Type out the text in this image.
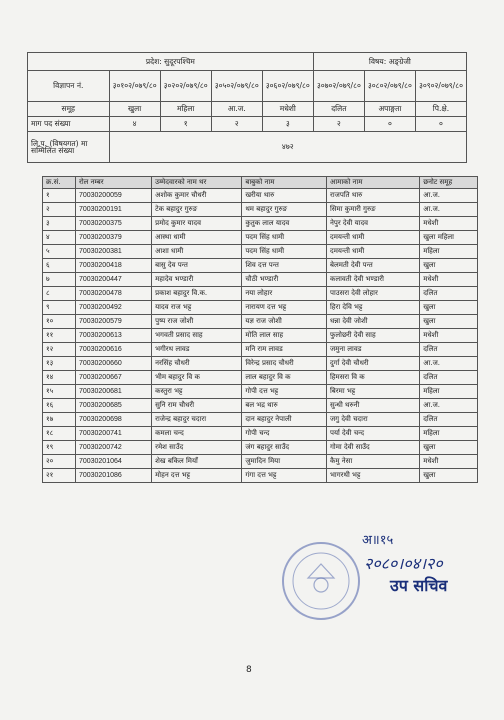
प्रदेश: सुदूरपश्चिम					विषय: अङ्ग्रेजी		
विज्ञापन नं.	३०१०२/०७९/८०	३०२०२/०७९/८०	३०५०२/०७९/८०	३०६०२/०७९/८०	३०७०२/०७९/८०	३०८०२/०७९/८०	३०९०२/०७९/८०
समूह	खुला	महिला	आ.ज.	मधेशी	दलित	अपाङ्गता	पि.क्षे.
माग पद संख्या	४	१	२	३	२	०	०
लि.प. (विषयगत) मा सम्मिलित संख्या	४७२						
क्र.सं.	रोल नम्बर	उम्मेदवारको नाम थर	बाबुको नाम	आमाको नाम	छनोट समूह
१	70030200059	अशोक कुमार चौधरी	खरीया थारु	राजपति थारु	आ.ज.
२	70030200191	टेक बहादुर गुरुङ	थम बहादुर गुरुङ	सिमा कुमारी गुरुङ	आ.ज.
३	70030200375	प्रमोद कुमार यादव	कुतुक लाल यादव	नेपुर देवी यादव	मधेशी
४	70030200379	आस्था धामी	पदम सिंह धामी	दमयन्ती धामी	खुला महिला
५	70030200381	आशा धामी	पदम सिंह धामी	दमयन्ती धामी	महिला
६	70030200418	बासु देव पन्त	शिव दत्त पन्त	बेलमती देवी पन्त	खुला
७	70030200447	महादेव भण्डारी	चौठी भण्डारी	कलावती देवी भण्डारी	मधेशी
८	70030200478	प्रकाश बहादुर वि.क.	नया लोहार	पाउसरा देवी लोहार	दलित
९	70030200492	यादव राज भट्ट	नारायण दत्त भट्ट	हिरा देवि भट्ट	खुला
१०	70030200579	पुष्प राज जोशी	यज्ञ राज जोशी	धन्ना देवी जोशी	खुला
११	70030200613	भगवती प्रसाद साह	मोति लाल साह	फुलोछरी देवी साह	मधेशी
१२	70030200616	भगीरथ लावड	मनि राम लावड	जमुना लावड	दलित
१३	70030200660	नरसिंह चौधरी	विरेन्द्र प्रसाद चौधरी	दुर्गा देवी चौधरी	आ.ज.
१४	70030200667	भीम बहादुर वि क	लाल बहादुर वि क	हिमसरा वि क	दलित
१५	70030200681	कस्तुरा भट्ट	गोपी दत्त भट्ट	बिरमा भट्ट	महिला
१६	70030200685	सुनि राम चौधरी	बल भद्र थारु	सुन्धी थरुनी	आ.ज.
१७	70030200698	राजेन्द्र बहादुर चदारा	दान बहादुर नेपाली	जगु देवी चदारा	दलित
१८	70030200741	कमला चन्द	गोपी चन्द	पर्या देवी चन्द	महिला
१९	70030200742	रमेश साउँद	जंग बहादुर साउँद	गोमा देवी साउँद	खुला
२०	70030201064	शेख बकिल मियाँ	जुमादिन मिया	कैमु नेसा	मधेशी
२१	70030201086	मोहन दत्त भट्ट	गंगा दत्त भट्ट	भागरथी भट्ट	खुला
अ॥१५
२०८०।०४।२०
उप सचिव
8
